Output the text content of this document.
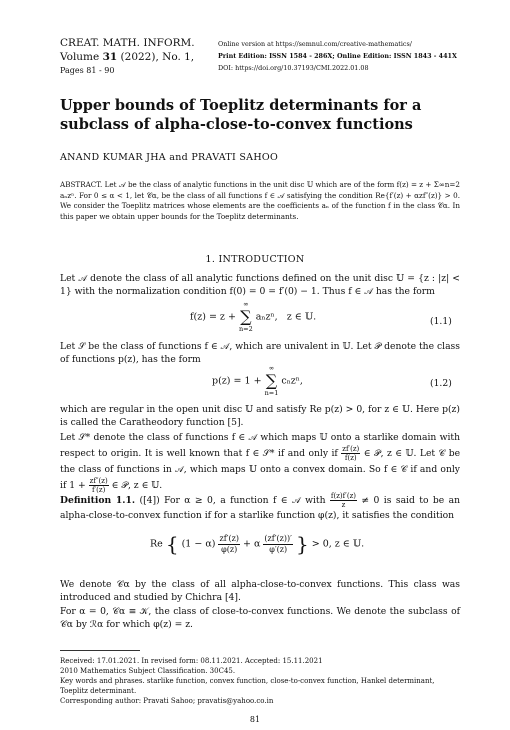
CREAT. MATH. INFORM.
Volume 31 (2022), No. 1,
Pages 81 - 90
Online version at https://semnul.com/creative-mathematics/
Print Edition: ISSN 1584 - 286X; Online Edition: ISSN 1843 - 441X
DOI: https://doi.org/10.37193/CMI.2022.01.08
Upper bounds of Toeplitz determinants for a subclass of alpha-close-to-convex functions
ANAND KUMAR JHA and PRAVATI SAHOO
ABSTRACT. Let 𝒜 be the class of analytic functions in the unit disc 𝕌 which are of the form f(z) = z + Σ∞n=2 aₙzⁿ. For 0 ≤ α < 1, let 𝒞α, be the class of all functions f ∈ 𝒜 satisfying the condition Re{f′(z) + αzf″(z)} > 0. We consider the Toeplitz matrices whose elements are the coefficients aₙ of the function f in the class 𝒞α. In this paper we obtain upper bounds for the Toeplitz determinants.
1. INTRODUCTION
Let 𝒜 denote the class of all analytic functions defined on the unit disc 𝕌 = {z : |z| < 1} with the normalization condition f(0) = 0 = f′(0) − 1. Thus f ∈ 𝒜 has the form
f(z) = z +
∞
∑
n=2
aₙzⁿ, z ∈ 𝕌.	(1.1)
Let 𝒮 be the class of functions f ∈ 𝒜, which are univalent in 𝕌. Let 𝒫 denote the class of functions p(z), has the form
p(z) = 1 +
∞
∑
n=1
cₙzⁿ,	(1.2)
which are regular in the open unit disc 𝕌 and satisfy Re p(z) > 0, for z ∈ 𝕌. Here p(z) is called the Caratheodory function [5].
Let 𝒮* denote the class of functions f ∈ 𝒜 which maps 𝕌 onto a starlike domain with respect to origin. It is well known that f ∈ 𝒮* if and only if $\frac{zf'(z)}{f(z)}$ ∈ 𝒫, z ∈ 𝕌. Let 𝒞 be the class of functions in 𝒜, which maps 𝕌 onto a convex domain. So f ∈ 𝒞 if and only if $1 + \frac{zf''(z)}{f'(z)}$ ∈ 𝒫, z ∈ 𝕌.
Definition 1.1. ([4]) For α ≥ 0, a function f ∈ 𝒜 with $\frac{f(z)f'(z)}{z} \ne 0$ is said to be an alpha-close-to-convex function if for a starlike function φ(z), it satisfies the condition
Re { $(1 - \alpha) \frac{zf'(z)}{\varphi(z)} + \alpha \frac{(zf'(z))'}{\varphi'(z)}$ } > 0, z ∈ 𝕌.
We denote 𝒞α by the class of all alpha-close-to-convex functions. This class was introduced and studied by Chichra [4].
For α = 0, 𝒞α ≡ 𝒦, the class of close-to-convex functions. We denote the subclass of 𝒞α by ℛα for which φ(z) = z.
Received: 17.01.2021. In revised form: 08.11.2021. Accepted: 15.11.2021
2010 Mathematics Subject Classification. 30C45.
Key words and phrases. starlike function, convex function, close-to-convex function, Hankel determinant, Toeplitz determinant.
Corresponding author: Pravati Sahoo; pravatis@yahoo.co.in
81
